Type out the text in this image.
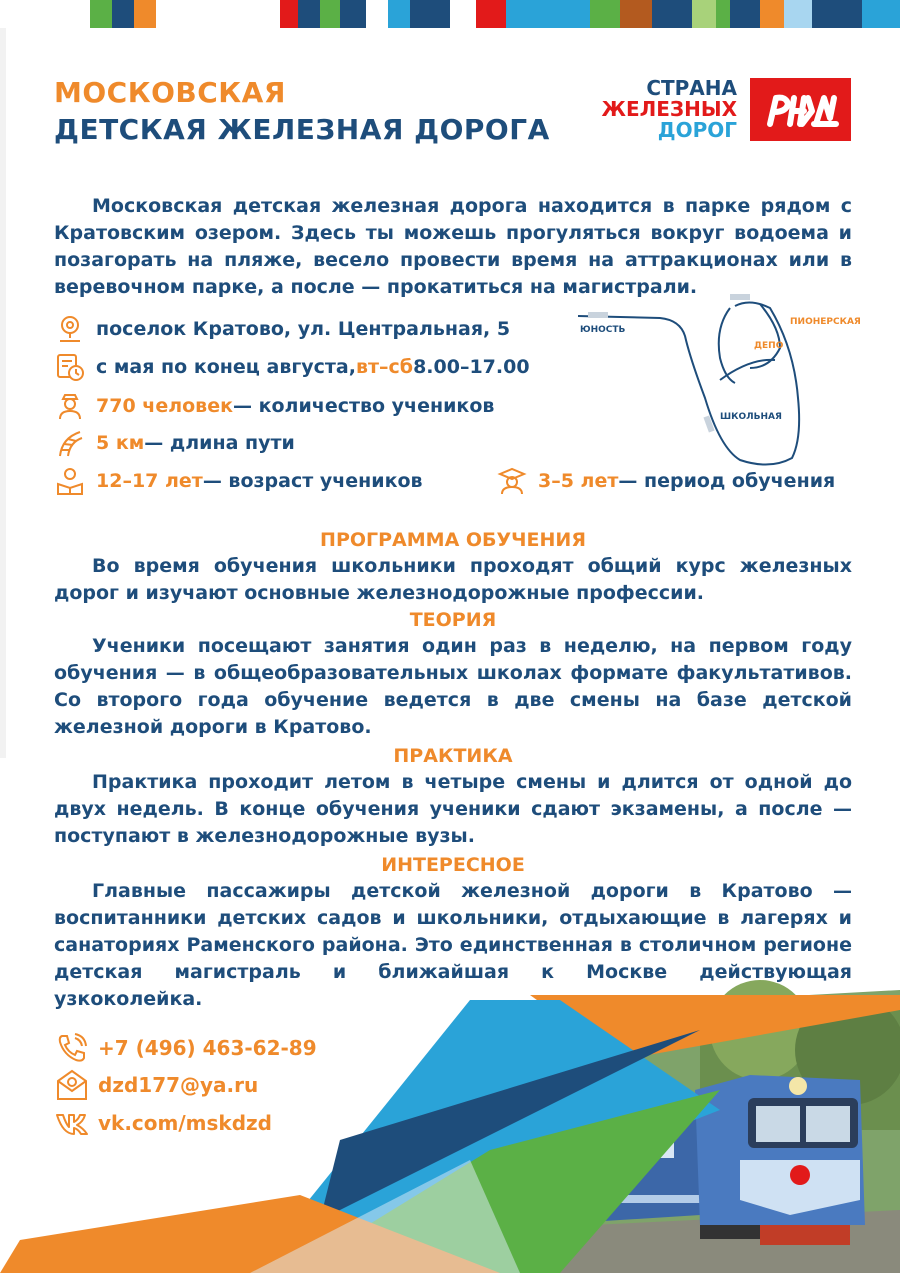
МОСКОВСКАЯ
ДЕТСКАЯ ЖЕЛЕЗНАЯ ДОРОГА
СТРАНА
ЖЕЛЕЗНЫХ
ДОРОГ

Московская детская железная дорога находится в парке рядом с Кратовским озером. Здесь ты можешь прогуляться вокруг водоема и позагорать на пляже, весело провести время на аттракционах или в веревочном парке, а после — прокатиться на магистрали.

поселок Кратово, ул. Центральная, 5
с мая по конец августа, вт–сб 8.00–17.00
770 человек — количество учеников
5 км — длина пути
12–17 лет — возраст учеников	3–5 лет — период обучения
ЮНОСТЬ
ПИОНЕРСКАЯ
ДЕПО
ШКОЛЬНАЯ
ПРОГРАММА ОБУЧЕНИЯ

Во время обучения школьники проходят общий курс железных дорог и изучают основные железнодорожные профессии.

ТЕОРИЯ

Ученики посещают занятия один раз в неделю, на первом году обучения — в общеобразовательных школах формате факультативов. Со второго года обучение ведется в две смены на базе детской железной дороги в Кратово.

ПРАКТИКА

Практика проходит летом в четыре смены и длится от одной до двух недель. В конце обучения ученики сдают экзамены, а после — поступают в железнодорожные вузы.

ИНТЕРЕСНОЕ

Главные пассажиры детской железной дороги в Кратово — воспитанники детских садов и школьники, отдыхающие в лагерях и санаториях Раменского района. Это единственная в столичном регионе детская магистраль и ближайшая к Москве действующая узкоколейка.

+7 (496) 463-62-89
dzd177@ya.ru
vk.com/mskdzd
